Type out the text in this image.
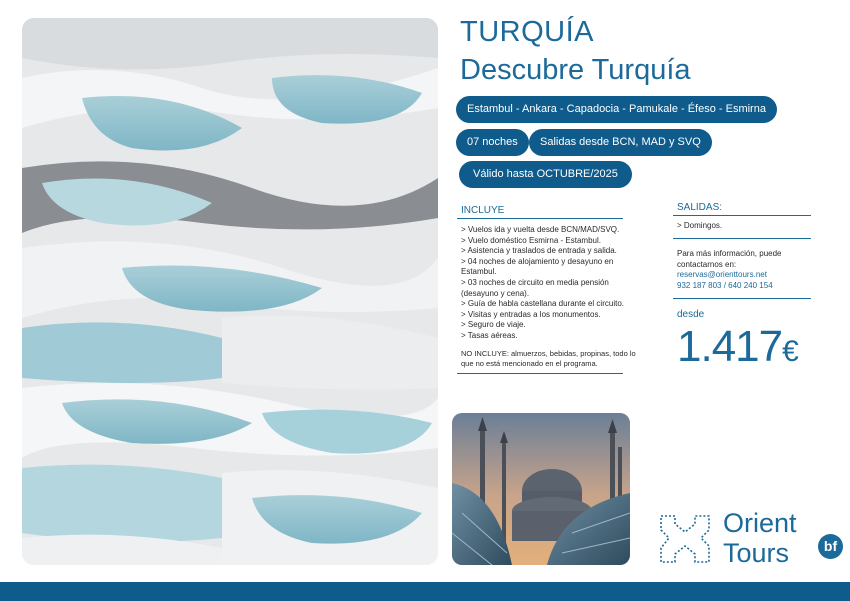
TURQUÍA
Descubre Turquía
Estambul - Ankara - Capadocia - Pamukale - Éfeso - Esmirna
07 noches	Salidas desde BCN, MAD y SVQ
Válido hasta OCTUBRE/2025
INCLUYE
> Vuelos ida y vuelta desde BCN/MAD/SVQ.
> Vuelo doméstico Esmirna - Estambul.
> Asistencia y traslados de entrada y salida.
> 04 noches de alojamiento y desayuno en Estambul.
> 03 noches de circuito en media pensión (desayuno y cena).
> Guía de habla castellana durante el circuito.
> Visitas y entradas a los monumentos.
> Seguro de viaje.
> Tasas aéreas.
NO INCLUYE: almuerzos, bebidas, propinas, todo lo que no está mencionado en el programa.
SALIDAS:
> Domingos.
Para más información, puede contactarnos en:
reservas@orienttours.net
932 187 803 / 640 240 154
desde
1.417€
Orient
Tours	bf
